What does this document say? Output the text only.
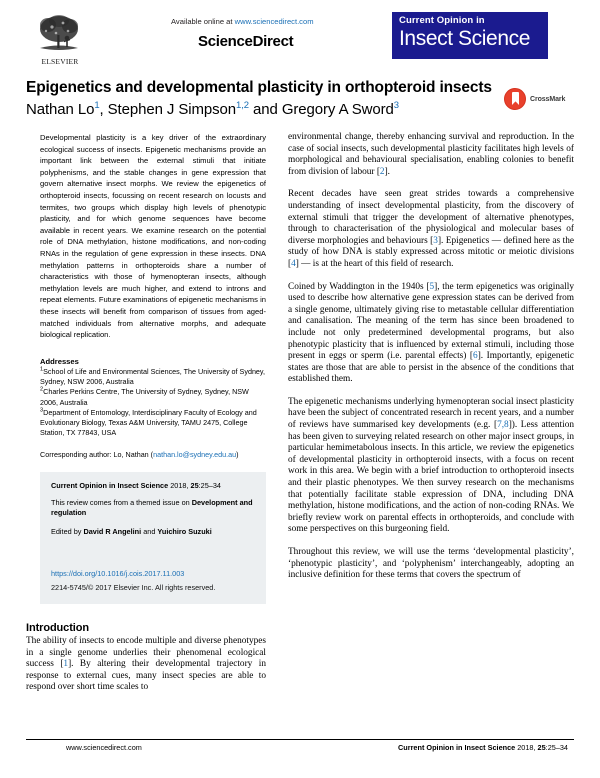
ELSEVIER
Available online at www.sciencedirect.com
ScienceDirect
Current Opinion in
Insect Science
Epigenetics and developmental plasticity in orthopteroid insects
Nathan Lo$^1$, Stephen J Simpson$^{1,2}$ and Gregory A Sword$^3$
CrossMark
Developmental plasticity is a key driver of the extraordinary ecological success of insects. Epigenetic mechanisms provide an important link between the external stimuli that initiate polyphenisms, and the stable changes in gene expression that govern alternative insect morphs. We review the epigenetics of orthopteroid insects, focussing on recent research on locusts and termites, two groups which display high levels of phenotypic plasticity, and for which genome sequences have become available in recent years. We examine research on the potential role of DNA methylation, histone modifications, and non-coding RNAs in the regulation of gene expression in these insects. DNA methylation patterns in orthopteroids share a number of characteristics with those of hymenopteran insects, although methylation levels are much higher, and extend to introns and repeat elements. Future examinations of epigenetic mechanisms in these insects will benefit from comparison of tissues from aged-matched individuals from alternative morphs, and adequate biological replication.
Addresses
$^1$School of Life and Environmental Sciences, The University of Sydney, Sydney, NSW 2006, Australia
$^2$Charles Perkins Centre, The University of Sydney, Sydney, NSW 2006, Australia
$^3$Department of Entomology, Interdisciplinary Faculty of Ecology and Evolutionary Biology, Texas A&M University, TAMU 2475, College Station, TX 77843, USA
Corresponding author: Lo, Nathan (nathan.lo@sydney.edu.au)
Current Opinion in Insect Science 2018, 25:25–34
This review comes from a themed issue on Development and regulation
Edited by David R Angelini and Yuichiro Suzuki
https://doi.org/10.1016/j.cois.2017.11.003
2214-5745/© 2017 Elsevier Inc. All rights reserved.
Introduction
The ability of insects to encode multiple and diverse phenotypes in a single genome underlies their phenomenal ecological success [1]. By altering their developmental trajectory in response to external cues, many insect species are able to respond over short time scales to

environmental change, thereby enhancing survival and reproduction. In the case of social insects, such developmental plasticity facilitates high levels of morphological and behavioural specialisation, enabling colonies to benefit from division of labour [2].

Recent decades have seen great strides towards a comprehensive understanding of insect developmental plasticity, from the discovery of external stimuli that trigger the development of alternative phenotypes, through to characterisation of the physiological and molecular bases of diverse morphologies and behaviours [3]. Epigenetics — defined here as the study of how DNA is stably expressed across mitotic or meiotic divisions [4] — is at the heart of this field of research.

Coined by Waddington in the 1940s [5], the term epigenetics was originally used to describe how alternative gene expression states can be derived from a single genome, ultimately giving rise to metastable cellular differentiation and canalisation. The meaning of the term has since been broadened to include not only predetermined developmental programs, but also phenotypic plasticity that is influenced by external stimuli, including those present in eggs or sperm (i.e. parental effects) [6]. Importantly, epigenetic states are those that are able to persist in the absence of the conditions that established them.

The epigenetic mechanisms underlying hymenopteran social insect plasticity have been the subject of concentrated research in recent years, and a number of reviews have summarised key developments (e.g. [7,8]). Less attention has been given to surveying related research on other major insect groups, in particular hemimetabolous insects. In this article, we review the epigenetics of developmental plasticity in orthopteroid insects, with a focus on recent work in this area. We begin with a brief introduction to orthopteroid insects and their plastic phenotypes. We then survey research on the mechanisms that potentially facilitate stable expression of DNA, including DNA methylation, histone modifications, and the action of non-coding RNAs. We briefly review work on parental effects in orthopteroids, and conclude with some perspectives on this burgeoning field.

Throughout this review, we will use the terms ‘developmental plasticity’, ‘phenotypic plasticity’, and ‘polyphenism’ interchangeably, adopting an inclusive definition for these terms that covers the spectrum of

www.sciencedirect.com	Current Opinion in Insect Science 2018, 25:25–34
